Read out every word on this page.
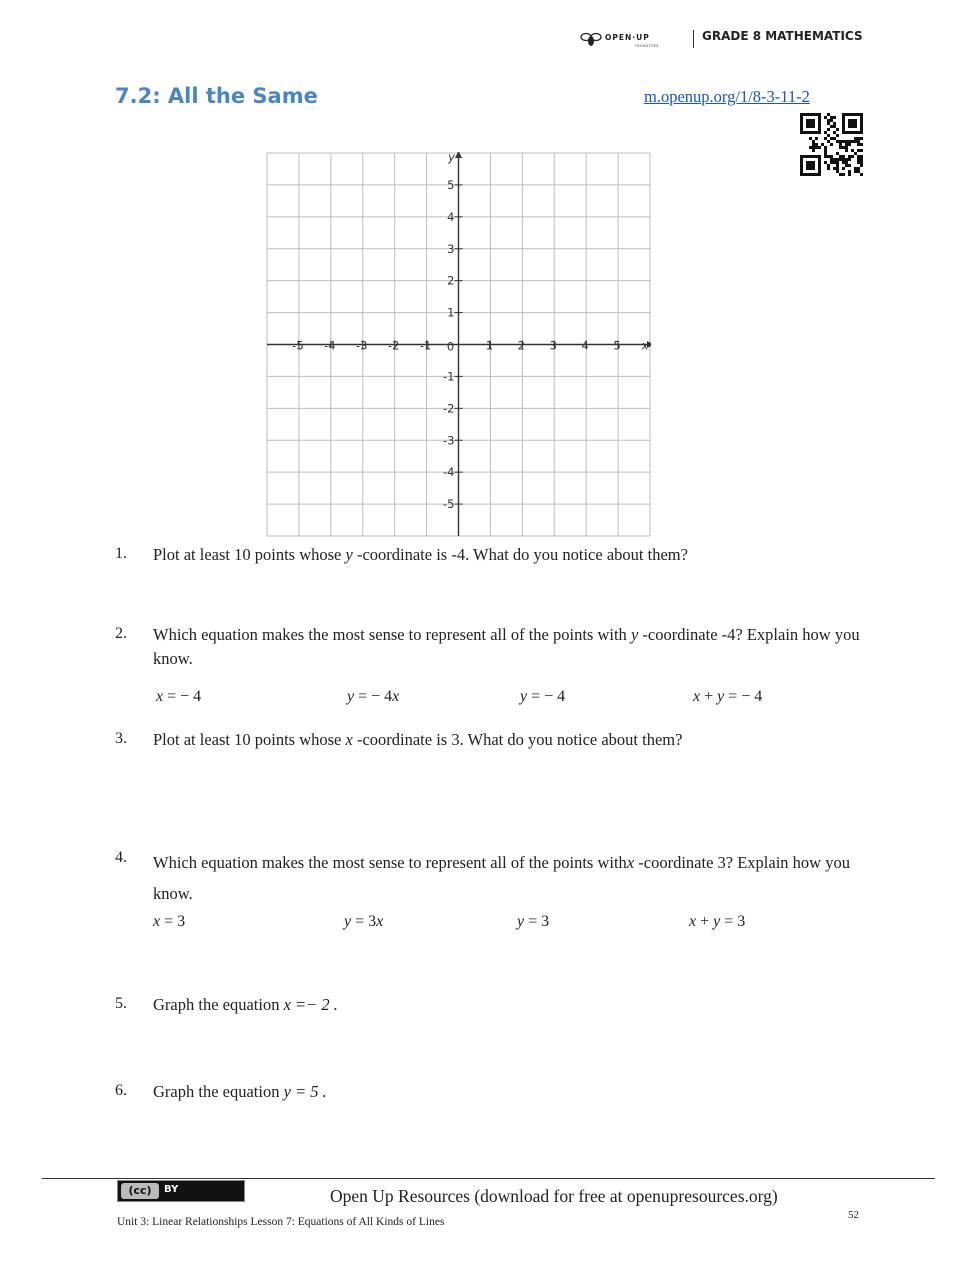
OPEN·UP
resources
GRADE 8 MATHEMATICS
7.2: All the Same	m.openup.org/1/8-3-11-2
-5 -4 -3 -2 -1	1 2 3 4 5
5
4
3
2
1
-1
-2
-3
-4
-5
0	x
y
1. Plot at least 10 points whose y -coordinate is -4. What do you notice about them?
2. Which equation makes the most sense to represent all of the points with y -coordinate -4? Explain how you know.
x = − 4	y = − 4x	y = − 4	x + y = − 4
3. Plot at least 10 points whose x -coordinate is 3. What do you notice about them?
4. Which equation makes the most sense to represent all of the points withx -coordinate 3? Explain how you know.
x = 3	y = 3x	y = 3	x + y = 3
5. Graph the equation x =− 2 .
6. Graph the equation y = 5 .
(cc)	BY	Open Up Resources (download for free at openupresources.org)
52
Unit 3: Linear Relationships Lesson 7: Equations of All Kinds of Lines
